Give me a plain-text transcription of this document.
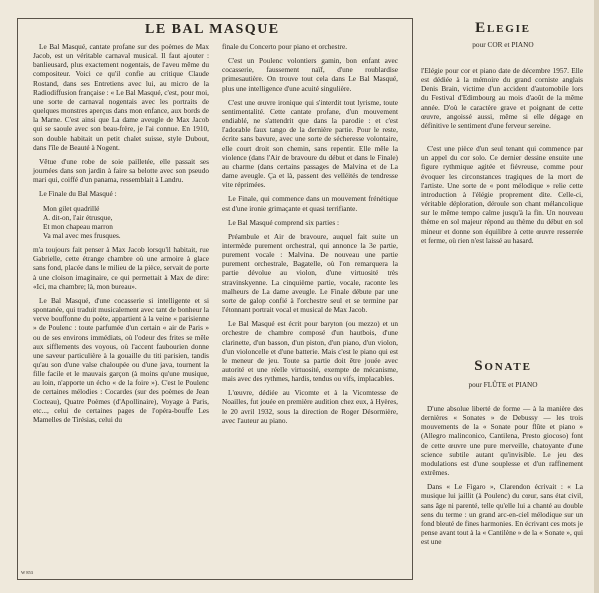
W 853
LE BAL MASQUE

Le Bal Masqué, cantate profane sur des poèmes de Max Jacob, est un véritable carnaval musical. Il faut ajouter : banlieusard, plus exactement nogentais, de l'aveu même du compositeur. Voici ce qu'il confie au critique Claude Rostand, dans ses Entretiens avec lui, au micro de la Radiodiffusion française : « Le Bal Masqué, c'est, pour moi, une sorte de carnaval nogentais avec les portraits de quelques monstres aperçus dans mon enfance, aux bords de la Marne. C'est ainsi que La dame aveugle de Max Jacob qui se saoule avec son beau-frère, je l'ai connue. En 1910, son double habitait un petit chalet suisse, style Dubout, dans l'île de Beauté à Nogent.

Vêtue d'une robe de soie pailletée, elle passait ses journées dans son jardin à faire sa belotte avec son pseudo mari qui, coiffé d'un panama, ressemblait à Landru.

Le Finale du Bal Masqué :

Mon gilet quadrillé
A. dit-on, l'air étrusque,
Et mon chapeau marron
Va mal avec mes frusques.

m'a toujours fait penser à Max Jacob lorsqu'il habitait, rue Gabrielle, cette étrange chambre où une armoire à glace sans fond, placée dans le milieu de la pièce, servait de porte à une cloison imaginaire, ce qui permettait à Max de dire: «Ici, ma chambre; là, mon bureau».

Le Bal Masqué, d'une cocasserie si intelligente et si spontanée, qui traduit musicalement avec tant de bonheur la verve bouffonne du poète, appartient à la veine « parisienne » de Poulenc : toute parfumée d'un certain « air de Paris » ou de ses environs immédiats, où l'odeur des frites se mêle aux sifflements des voyous, où l'accent faubourien donne une saveur particulière à la gouaille du titi parisien, tandis qu'au son d'une valse chaloupée ou d'une java, tournent la fille facile et le mauvais garçon (à moins qu'une musique, au loin, n'apporte un écho « de la foire »). C'est le Poulenc de certaines mélodies : Cocardes (sur des poèmes de Jean Cocteau), Quatre Poèmes (d'Apollinaire), Voyage à Paris, etc..., celui de certaines pages de l'opéra-bouffe Les Mamelles de Tirésias, celui du

finale du Concerto pour piano et orchestre.

C'est un Poulenc volontiers gamin, bon enfant avec cocasserie, faussement naïf, d'une roublardise primesautière. On trouve tout cela dans Le Bal Masqué, plus une intelligence d'une acuité singulière.

C'est une œuvre ironique qui s'interdit tout lyrisme, toute sentimentalité. Cette cantate profane, d'un mouvement endiablé, ne s'attendrit que dans la parodie : et c'est l'adorable faux tango de la dernière partie. Pour le reste, écrite sans bavure, avec une sorte de sécheresse volontaire, elle court droit son chemin, sans repentir. Elle mêle la violence (dans l'Air de bravoure du début et dans le Finale) au charme (dans certains passages de Malvina et de La dame aveugle. Ça et là, passent des velléités de tendresse vite réprimées.

Le Finale, qui commence dans un mouvement frénétique est d'une ironie grimaçante et quasi terrifiante.

Le Bal Masqué comprend six parties :

Préambule et Air de bravoure, auquel fait suite un intermède purement orchestral, qui annonce la 3e partie, purement vocale : Malvina. De nouveau une partie purement orchestrale, Bagatelle, où l'on remarquera la partie dévolue au violon, d'une virtuosité très stravinskyenne. La cinquième partie, vocale, raconte les malheurs de La dame aveugle. Le Finale débute par une sorte de galop confié à l'orchestre seul et se termine par l'étonnant portrait vocal et musical de Max Jacob.

Le Bal Masqué est écrit pour baryton (ou mezzo) et un orchestre de chambre composé d'un hautbois, d'une clarinette, d'un basson, d'un piston, d'un piano, d'un violon, d'un violoncelle et d'une batterie. Mais c'est le piano qui est le meneur de jeu. Toute sa partie doit être jouée avec autorité et une réelle virtuosité, exempte de mécanisme, mais avec des rythmes, hardis, tendus ou vifs, implacables.

L'œuvre, dédiée au Vicomte et à la Vicomtesse de Noailles, fut jouée en première audition chez eux, à Hyères, le 20 avril 1932, sous la direction de Roger Désormière, avec l'auteur au piano.

Elegie
pour COR et PIANO

l'Elégie pour cor et piano date de décembre 1957. Elle est dédiée à la mémoire du grand corniste anglais Denis Brain, victime d'un accident d'automobile lors du Festival d'Edimbourg au mois d'août de la même année. D'où le caractère grave et poignant de cette œuvre, angoissé aussi, même si elle dégage en définitive le sentiment d'une ferveur sereine.

C'est une pièce d'un seul tenant qui commence par un appel du cor solo. Ce dernier dessine ensuite une figure rythmique agitée et fiévreuse, comme pour évoquer les circonstances tragiques de la mort de l'artiste. Une sorte de « pont mélodique » relie cette introduction à l'élégie proprement dite. Celle-ci, véritable déploration, déroule son chant mélancolique sur le même tempo calme jusqu'à la fin. Un nouveau thème en sol majeur répond au thème du début en sol mineur et donne son équilibre à cette œuvre resserrée et ferme, où rien n'est laissé au hasard.

Sonate
pour FLÛTE et PIANO

D'une absolue liberté de forme — à la manière des dernières « Sonates » de Debussy — les trois mouvements de la « Sonate pour flûte et piano » (Allegro malinconico, Cantilena, Presto giocoso) font de cette œuvre une pure merveille, chatoyante d'une science subtile autant qu'invisible. Le jeu des modulations est d'une souplesse et d'un raffinement extrêmes.

Dans « Le Figaro », Clarendon écrivait : « La musique lui jaillit (à Poulenc) du cœur, sans état civil, sans âge ni parenté, telle qu'elle lui a chanté au double sens du terme : un grand arc-en-ciel mélodique sur un fond bleuté de fines harmonies. En écrivant ces mots je pense avant tout à la « Cantilène » de la « Sonate », qui est une
